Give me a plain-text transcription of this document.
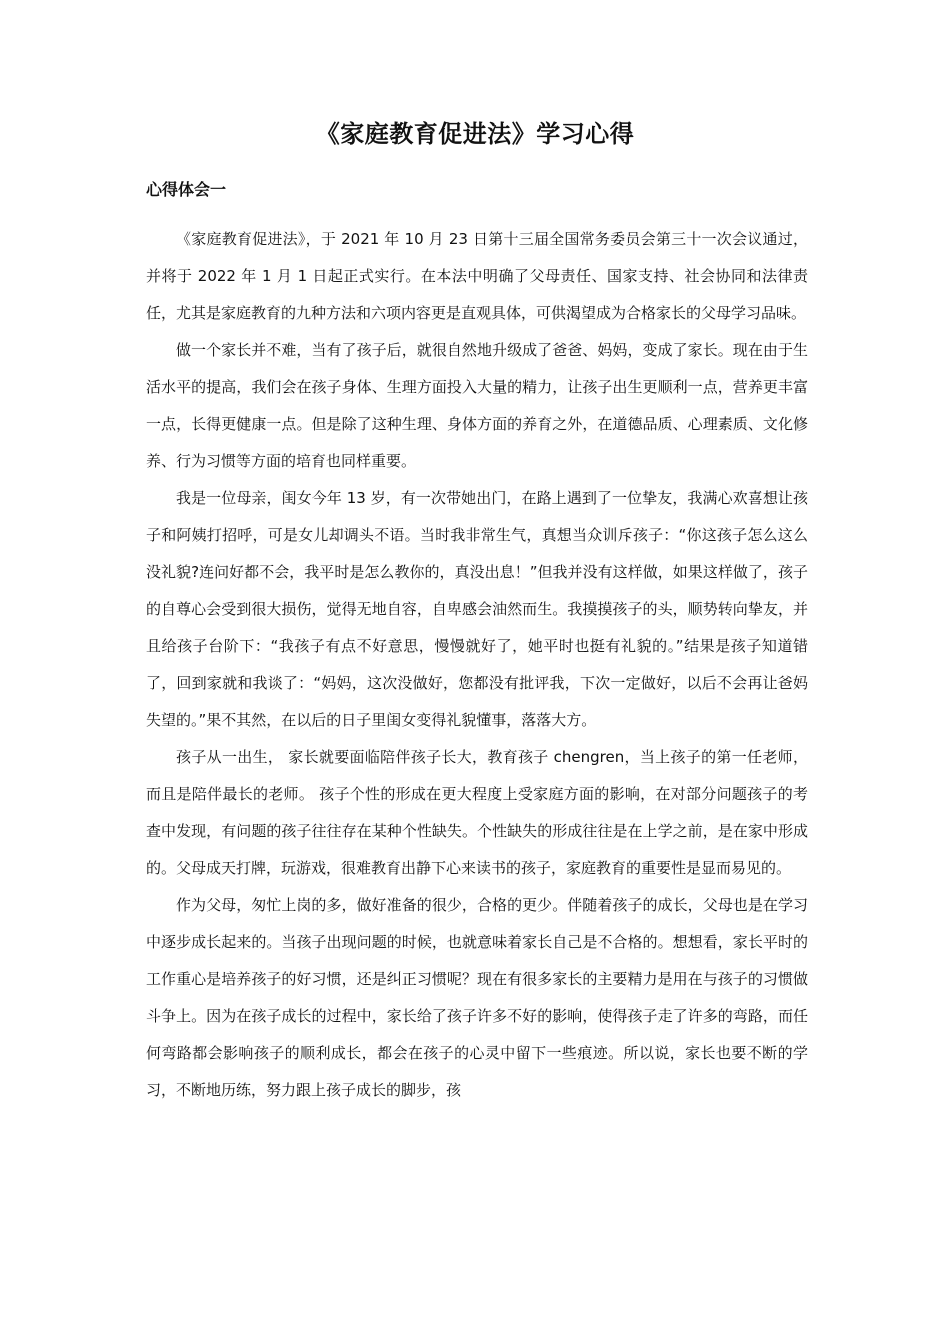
《家庭教育促进法》学习心得
心得体会一

《家庭教育促进法》，于 2021 年 10 月 23 日第十三届全国常务委员会第三十一次会议通过，并将于 2022 年 1 月 1 日起正式实行。在本法中明确了父母责任、国家支持、社会协同和法律责任，尤其是家庭教育的九种方法和六项内容更是直观具体，可供渴望成为合格家长的父母学习品味。

做一个家长并不难，当有了孩子后，就很自然地升级成了爸爸、妈妈，变成了家长。现在由于生活水平的提高，我们会在孩子身体、生理方面投入大量的精力，让孩子出生更顺利一点，营养更丰富一点，长得更健康一点。但是除了这种生理、身体方面的养育之外，在道德品质、心理素质、文化修养、行为习惯等方面的培育也同样重要。

我是一位母亲，闺女今年 13 岁，有一次带她出门，在路上遇到了一位挚友，我满心欢喜想让孩子和阿姨打招呼，可是女儿却调头不语。当时我非常生气，真想当众训斥孩子：“你这孩子怎么这么没礼貌?连问好都不会，我平时是怎么教你的，真没出息！”但我并没有这样做，如果这样做了，孩子的自尊心会受到很大损伤，觉得无地自容，自卑感会油然而生。我摸摸孩子的头，顺势转向挚友，并且给孩子台阶下：“我孩子有点不好意思，慢慢就好了，她平时也挺有礼貌的。”结果是孩子知道错了，回到家就和我谈了：“妈妈，这次没做好，您都没有批评我，下次一定做好，以后不会再让爸妈失望的。”果不其然，在以后的日子里闺女变得礼貌懂事，落落大方。

孩子从一出生， 家长就要面临陪伴孩子长大，教育孩子 chengren，当上孩子的第一任老师，而且是陪伴最长的老师。 孩子个性的形成在更大程度上受家庭方面的影响，在对部分问题孩子的考查中发现，有问题的孩子往往存在某种个性缺失。个性缺失的形成往往是在上学之前，是在家中形成的。父母成天打牌，玩游戏，很难教育出静下心来读书的孩子，家庭教育的重要性是显而易见的。

作为父母，匆忙上岗的多，做好准备的很少，合格的更少。伴随着孩子的成长，父母也是在学习中逐步成长起来的。当孩子出现问题的时候，也就意味着家长自己是不合格的。想想看，家长平时的工作重心是培养孩子的好习惯，还是纠正习惯呢？现在有很多家长的主要精力是用在与孩子的习惯做斗争上。因为在孩子成长的过程中，家长给了孩子许多不好的影响，使得孩子走了许多的弯路，而任何弯路都会影响孩子的顺利成长，都会在孩子的心灵中留下一些痕迹。所以说，家长也要不断的学习，不断地历练，努力跟上孩子成长的脚步，孩
